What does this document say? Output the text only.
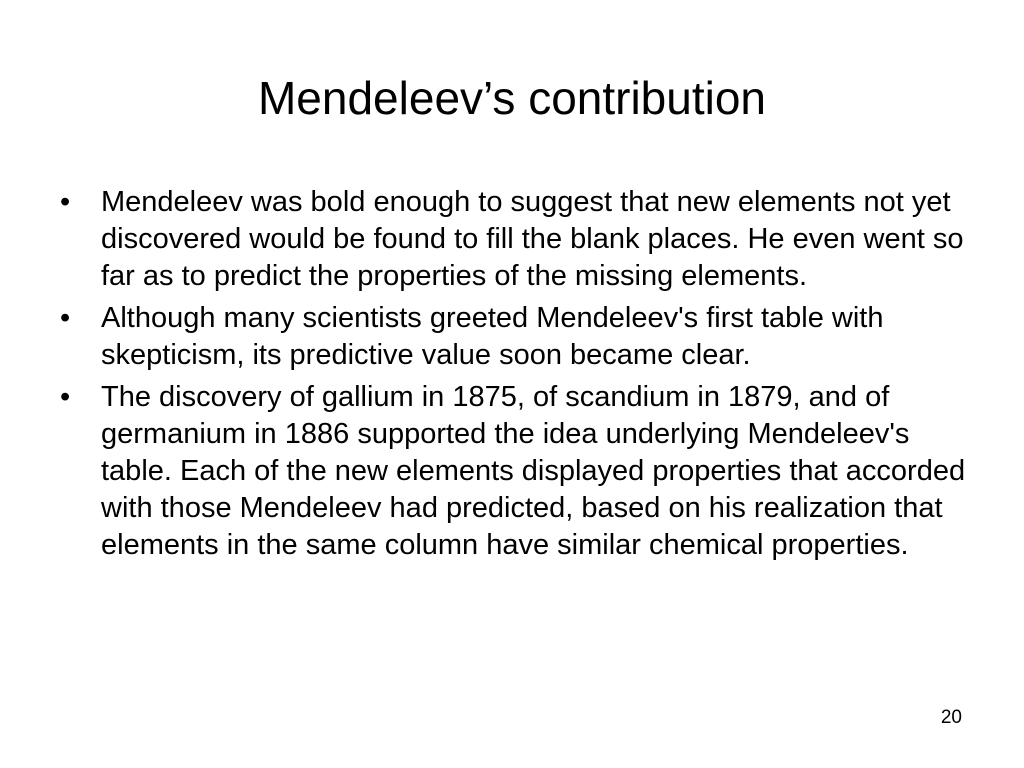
Mendeleev’s contribution
•	Mendeleev was bold enough to suggest that new elements not yet discovered would be found to fill the blank places. He even went so far as to predict the properties of the missing elements.
•	Although many scientists greeted Mendeleev's first table with skepticism, its predictive value soon became clear.
•	The discovery of gallium in 1875, of scandium in 1879, and of germanium in 1886 supported the idea underlying Mendeleev's table. Each of the new elements displayed properties that accorded with those Mendeleev had predicted, based on his realization that elements in the same column have similar chemical properties.
20
